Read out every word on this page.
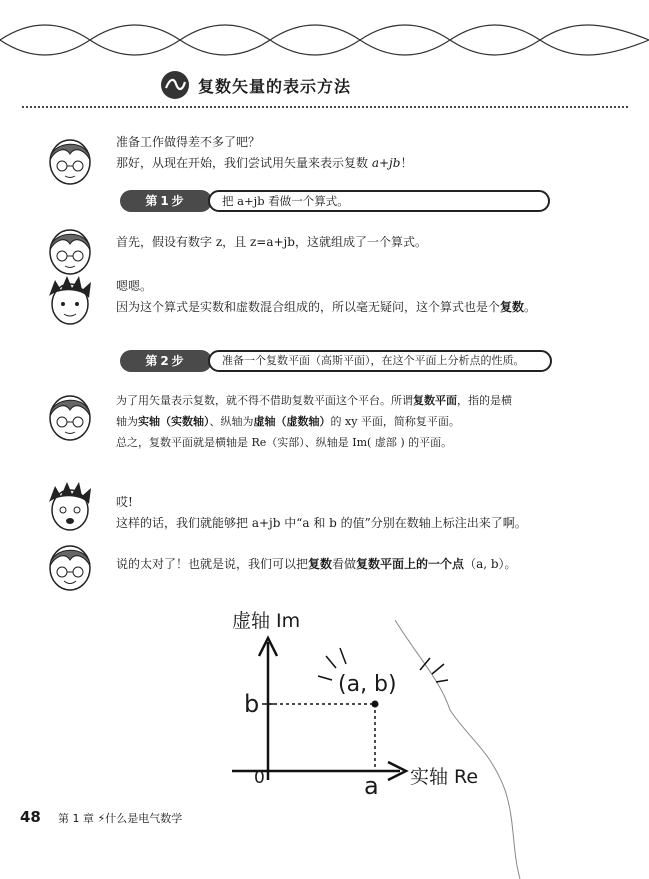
复数矢量的表示方法
准备工作做得差不多了吧？
那好，从现在开始，我们尝试用矢量来表示复数 a+jb！
第1步	把 a+jb 看做一个算式。
首先，假设有数字 z，且 z=a+jb，这就组成了一个算式。
嗯嗯。
因为这个算式是实数和虚数混合组成的，所以毫无疑问，这个算式也是个复数。
第2步	准备一个复数平面（高斯平面），在这个平面上分析点的性质。
为了用矢量表示复数，就不得不借助复数平面这个平台。所谓复数平面，指的是横
轴为实轴（实数轴）、纵轴为虚轴（虚数轴）的 xy 平面，简称复平面。
总之，复数平面就是横轴是 Re（实部）、纵轴是 Im( 虚部 ) 的平面。
哎!
这样的话，我们就能够把 a+jb 中“a 和 b 的值”分别在数轴上标注出来了啊。
说的太对了！也就是说，我们可以把复数看做复数平面上的一个点（a, b）。
虚轴 Im
(a, b)
b
0	a 实轴 Re
48 第 1 章 ⚡什么是电气数学
